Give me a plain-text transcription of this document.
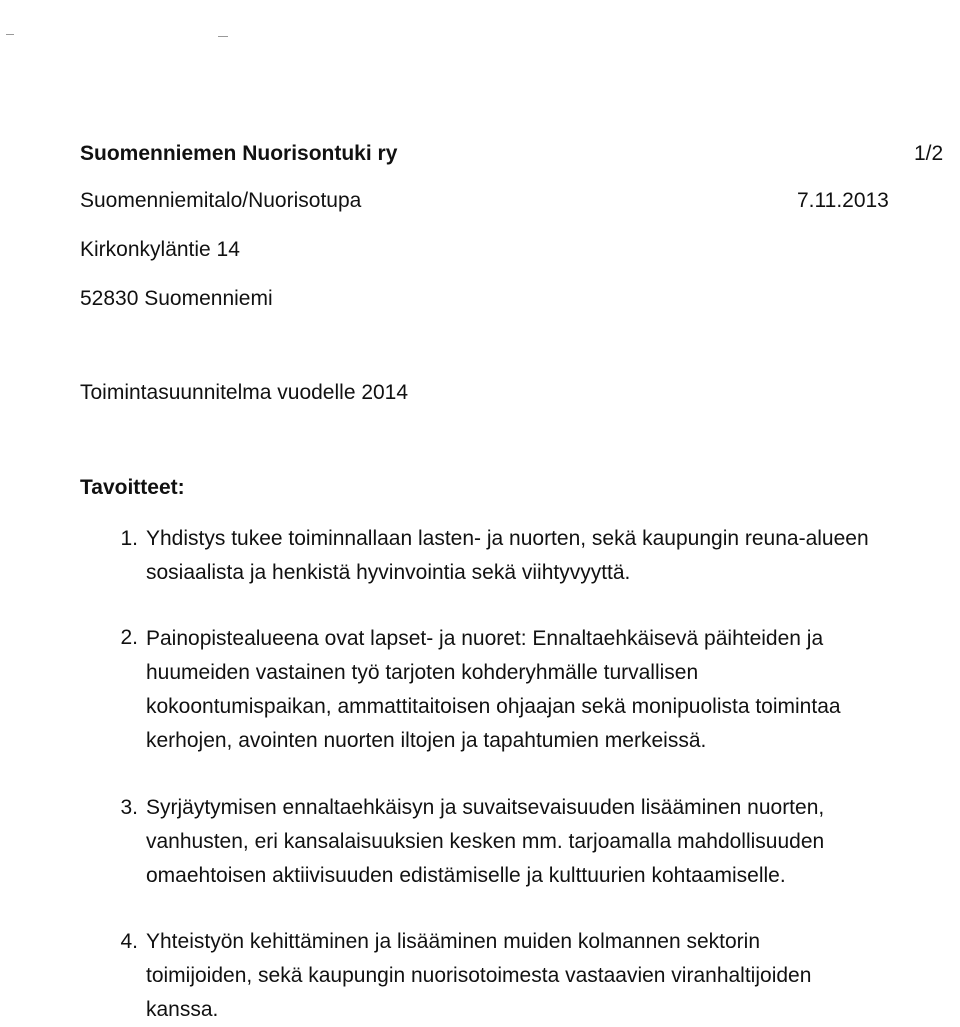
Suomenniemen Nuorisontuki ry	1/2
Suomenniemitalo/Nuorisotupa	7.11.2013
Kirkonkyläntie 14
52830 Suomenniemi
Toimintasuunnitelma vuodelle 2014
Tavoitteet:
1. Yhdistys tukee toiminnallaan lasten- ja nuorten, sekä kaupungin reuna-alueen
sosiaalista ja henkistä hyvinvointia sekä viihtyvyyttä.
2. Painopistealueena ovat lapset- ja nuoret: Ennaltaehkäisevä päihteiden ja
huumeiden vastainen työ tarjoten kohderyhmälle turvallisen
kokoontumispaikan, ammattitaitoisen ohjaajan sekä monipuolista toimintaa
kerhojen, avointen nuorten iltojen ja tapahtumien merkeissä.
3. Syrjäytymisen ennaltaehkäisyn ja suvaitsevaisuuden lisääminen nuorten,
vanhusten, eri kansalaisuuksien kesken mm. tarjoamalla mahdollisuuden
omaehtoisen aktiivisuuden edistämiselle ja kulttuurien kohtaamiselle.
4. Yhteistyön kehittäminen ja lisääminen muiden kolmannen sektorin
toimijoiden, sekä kaupungin nuorisotoimesta vastaavien viranhaltijoiden
kanssa.
